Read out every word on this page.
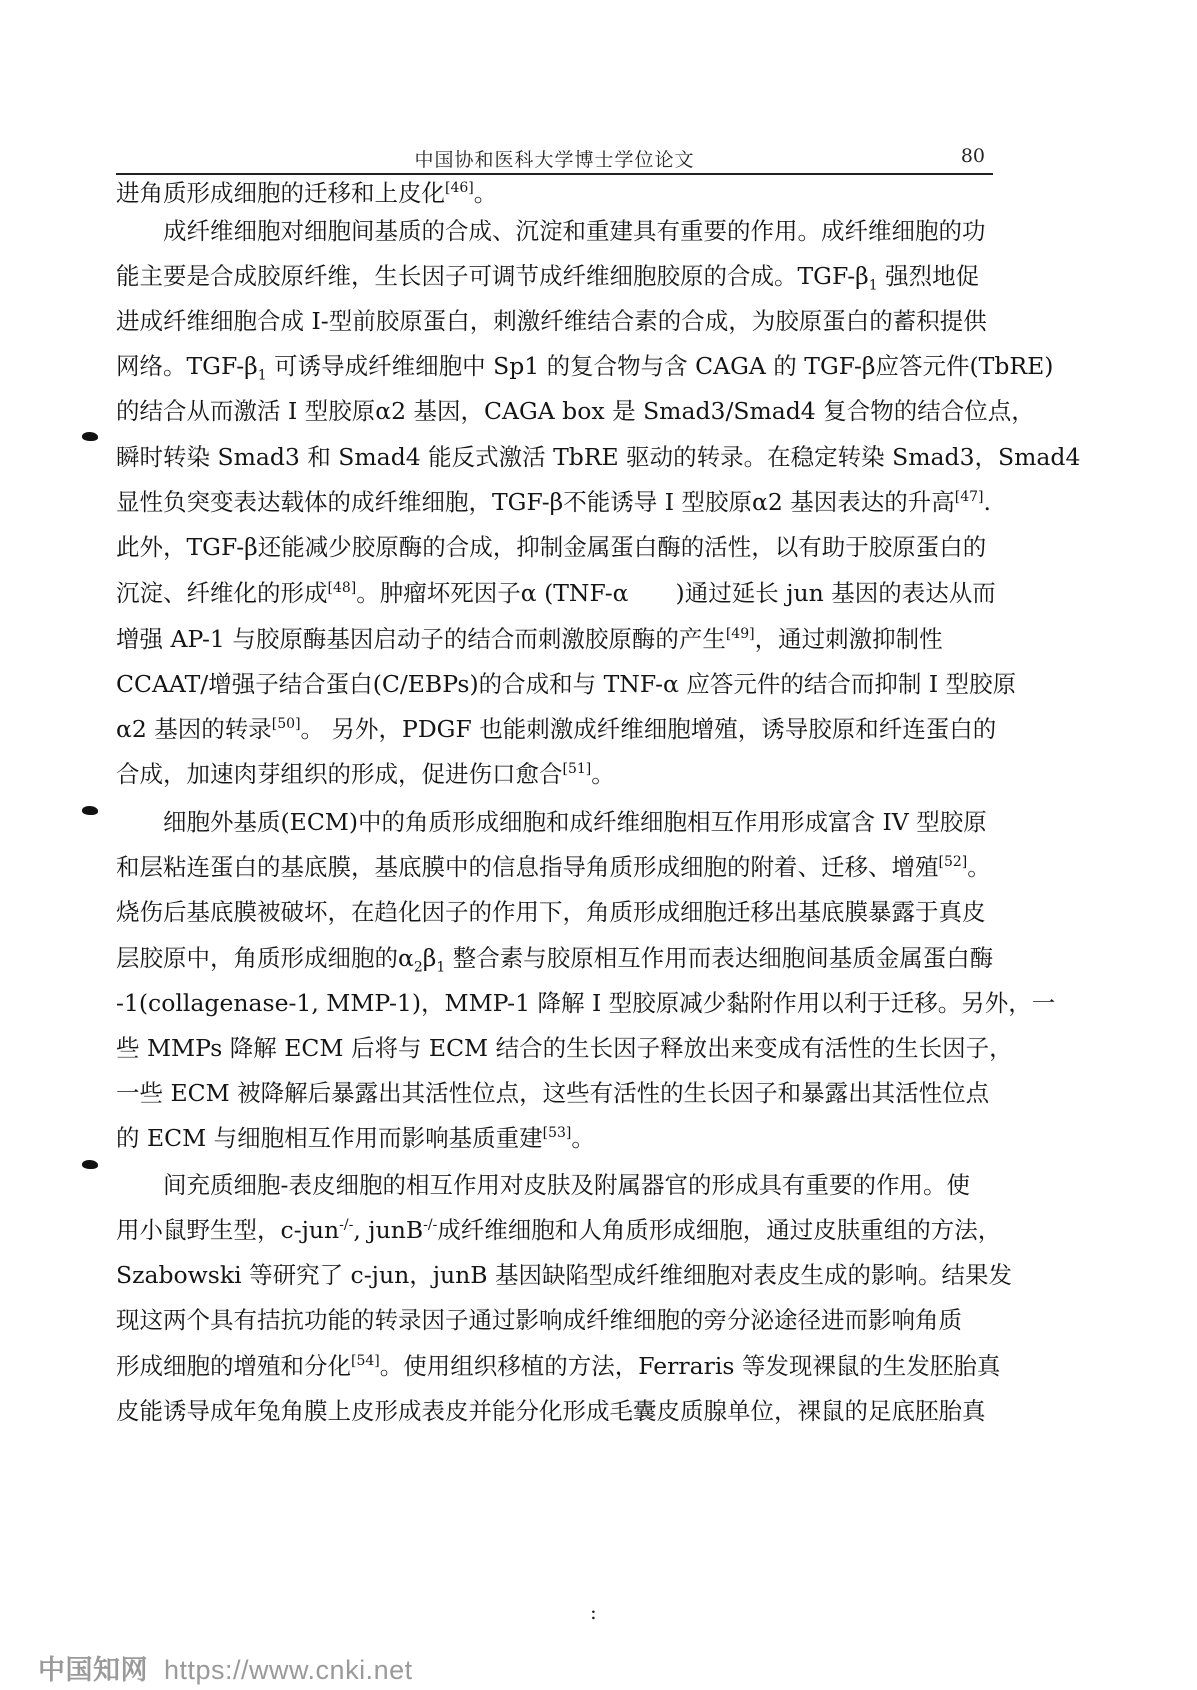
中国协和医科大学博士学位论文	80
进角质形成细胞的迁移和上皮化[46]。
　　成纤维细胞对细胞间基质的合成、沉淀和重建具有重要的作用。成纤维细胞的功
能主要是合成胶原纤维，生长因子可调节成纤维细胞胶原的合成。TGF-$\beta_1$ 强烈地促
进成纤维细胞合成 I-型前胶原蛋白，刺激纤维结合素的合成，为胶原蛋白的蓄积提供
网络。TGF-$\beta_1$ 可诱导成纤维细胞中 Sp1 的复合物与含 CAGA 的 TGF-β应答元件(TbRE)
的结合从而激活 I 型胶原α2 基因，CAGA box 是 Smad3/Smad4 复合物的结合位点，
瞬时转染 Smad3 和 Smad4 能反式激活 TbRE 驱动的转录。在稳定转染 Smad3，Smad4
显性负突变表达载体的成纤维细胞，TGF-β不能诱导 I 型胶原α2 基因表达的升高[47].
此外，TGF-β还能减少胶原酶的合成，抑制金属蛋白酶的活性，以有助于胶原蛋白的
沉淀、纤维化的形成[48]。肿瘤坏死因子α (TNF-α　　)通过延长 jun 基因的表达从而
增强 AP-1 与胶原酶基因启动子的结合而刺激胶原酶的产生[49]，通过刺激抑制性
CCAAT/增强子结合蛋白(C/EBPs)的合成和与 TNF-α 应答元件的结合而抑制 I 型胶原
α2 基因的转录[50]。 另外，PDGF 也能刺激成纤维细胞增殖，诱导胶原和纤连蛋白的
合成，加速肉芽组织的形成，促进伤口愈合[51]。
　　细胞外基质(ECM)中的角质形成细胞和成纤维细胞相互作用形成富含 IV 型胶原
和层粘连蛋白的基底膜，基底膜中的信息指导角质形成细胞的附着、迁移、增殖[52]。
烧伤后基底膜被破坏，在趋化因子的作用下，角质形成细胞迁移出基底膜暴露于真皮
层胶原中，角质形成细胞的$\alpha_2\beta_1$ 整合素与胶原相互作用而表达细胞间基质金属蛋白酶
-1(collagenase-1, MMP-1)，MMP-1 降解 I 型胶原减少黏附作用以利于迁移。另外，一
些 MMPs 降解 ECM 后将与 ECM 结合的生长因子释放出来变成有活性的生长因子，
一些 ECM 被降解后暴露出其活性位点，这些有活性的生长因子和暴露出其活性位点
的 ECM 与细胞相互作用而影响基质重建[53]。
　　间充质细胞-表皮细胞的相互作用对皮肤及附属器官的形成具有重要的作用。使
用小鼠野生型，c-jun-/-, junB-/-成纤维细胞和人角质形成细胞，通过皮肤重组的方法，
Szabowski 等研究了 c-jun，junB 基因缺陷型成纤维细胞对表皮生成的影响。结果发
现这两个具有拮抗功能的转录因子通过影响成纤维细胞的旁分泌途径进而影响角质
形成细胞的增殖和分化[54]。使用组织移植的方法，Ferraris 等发现裸鼠的生发胚胎真
皮能诱导成年兔角膜上皮形成表皮并能分化形成毛囊皮质腺单位，裸鼠的足底胚胎真
:
中国知网 https://www.cnki.net
